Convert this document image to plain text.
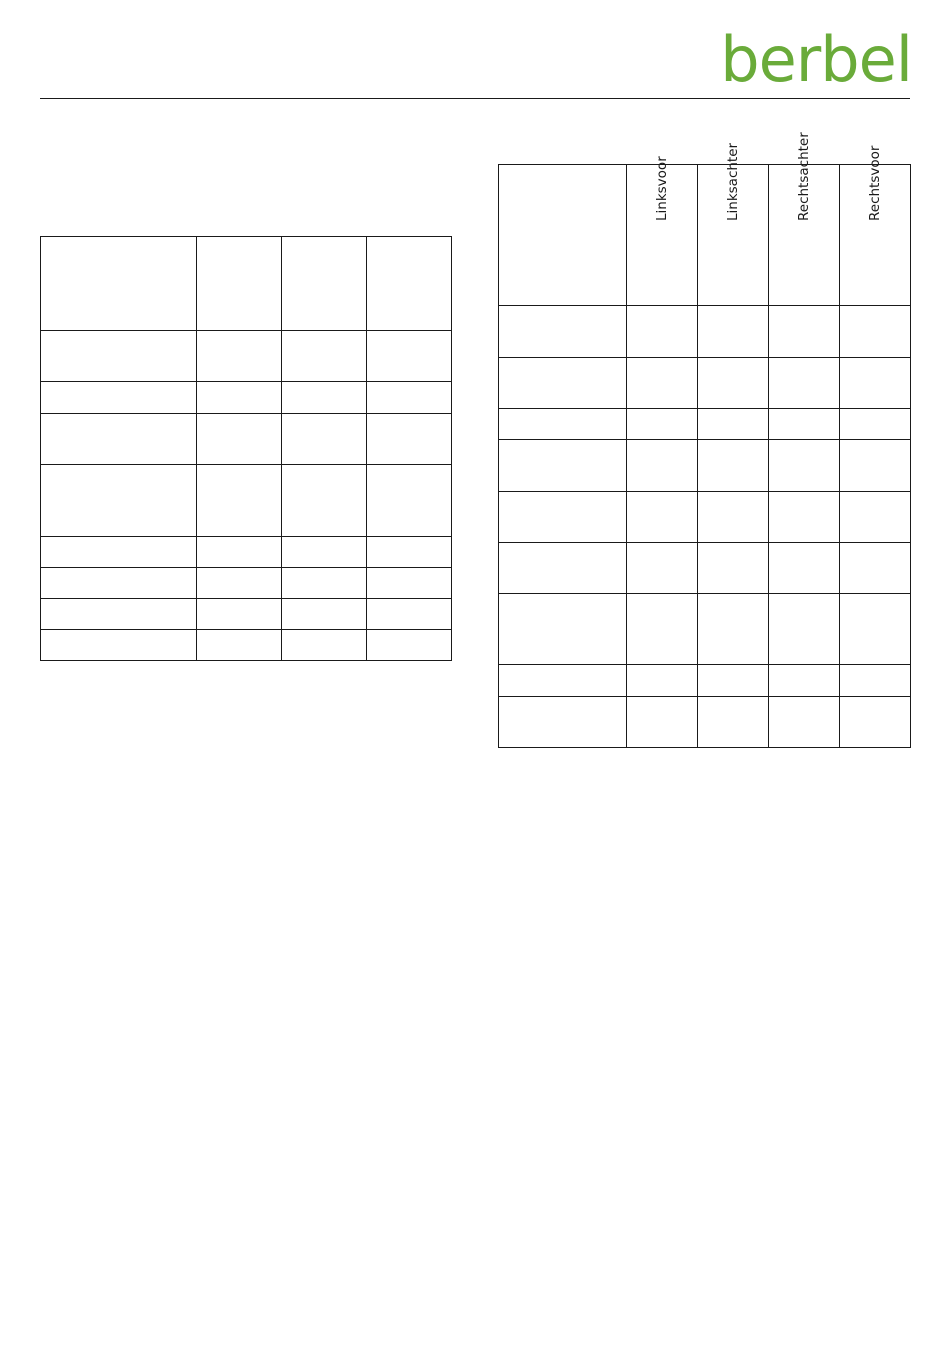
berbel

	Linksvoor	Linksachter	Rechtsachter	Rechtsvoor
